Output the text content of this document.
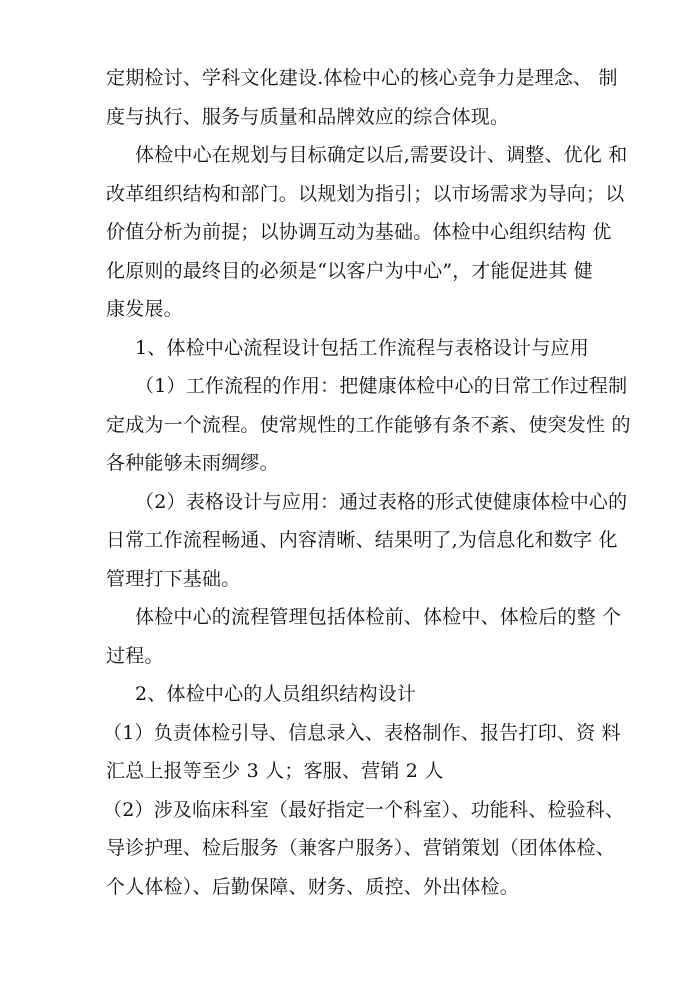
定期检讨、学科文化建设.体检中心的核心竞争力是理念、 制
度与执行、服务与质量和品牌效应的综合体现。
体检中心在规划与目标确定以后,需要设计、调整、优化 和
改革组织结构和部门。以规划为指引；以市场需求为导向；以
价值分析为前提；以协调互动为基础。体检中心组织结构 优
化原则的最终目的必须是“以客户为中心”，才能促进其 健
康发展。
1、体检中心流程设计包括工作流程与表格设计与应用
（1）工作流程的作用：把健康体检中心的日常工作过程制
定成为一个流程。使常规性的工作能够有条不紊、使突发性 的
各种能够未雨绸缪。
（2）表格设计与应用：通过表格的形式使健康体检中心的
日常工作流程畅通、内容清晰、结果明了,为信息化和数字 化
管理打下基础。
体检中心的流程管理包括体检前、体检中、体检后的整 个
过程。
2、体检中心的人员组织结构设计
（1）负责体检引导、信息录入、表格制作、报告打印、资 料
汇总上报等至少 3 人；客服、营销 2 人
（2）涉及临床科室（最好指定一个科室）、功能科、检验科、
导诊护理、检后服务（兼客户服务）、营销策划（团体体检、
个人体检）、后勤保障、财务、质控、外出体检。
